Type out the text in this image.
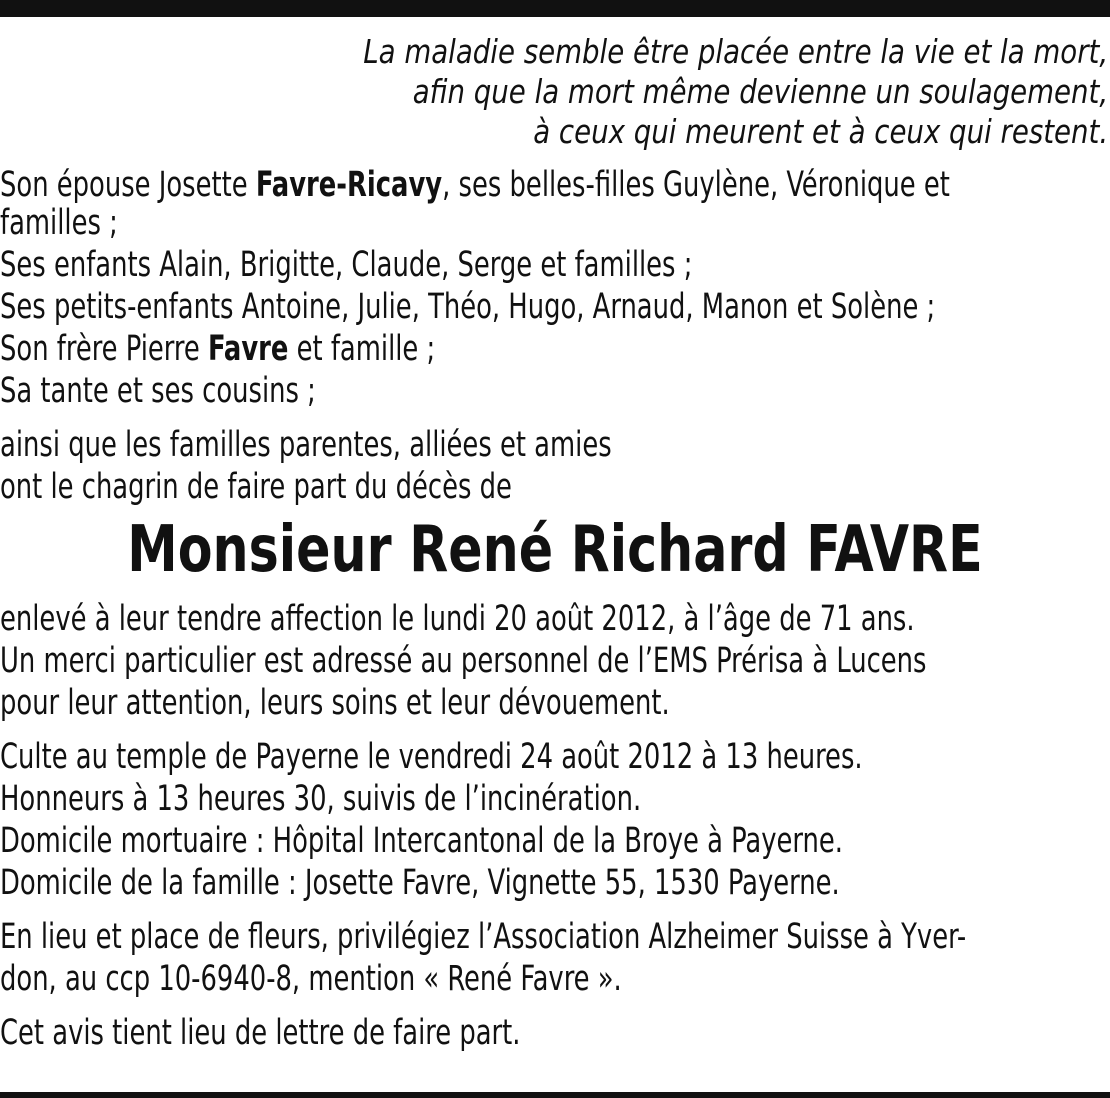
La maladie semble être placée entre la vie et la mort,

afin que la mort même devienne un soulagement,

à ceux qui meurent et à ceux qui restent.

Son épouse Josette Favre-Ricavy, ses belles-filles Guylène, Véronique et

familles ;

Ses enfants Alain, Brigitte, Claude, Serge et familles ;

Ses petits-enfants Antoine, Julie, Théo, Hugo, Arnaud, Manon et Solène ;

Son frère Pierre Favre et famille ;

Sa tante et ses cousins ;

ainsi que les familles parentes, alliées et amies

ont le chagrin de faire part du décès de

Monsieur René Richard FAVRE

enlevé à leur tendre affection le lundi 20 août 2012, à l’âge de 71 ans.

Un merci particulier est adressé au personnel de l’EMS Prérisa à Lucens

pour leur attention, leurs soins et leur dévouement.

Culte au temple de Payerne le vendredi 24 août 2012 à 13 heures.

Honneurs à 13 heures 30, suivis de l’incinération.

Domicile mortuaire : Hôpital Intercantonal de la Broye à Payerne.

Domicile de la famille : Josette Favre, Vignette 55, 1530 Payerne.

En lieu et place de fleurs, privilégiez l’Association Alzheimer Suisse à Yver-

don, au ccp 10-6940-8, mention « René Favre ».

Cet avis tient lieu de lettre de faire part.
